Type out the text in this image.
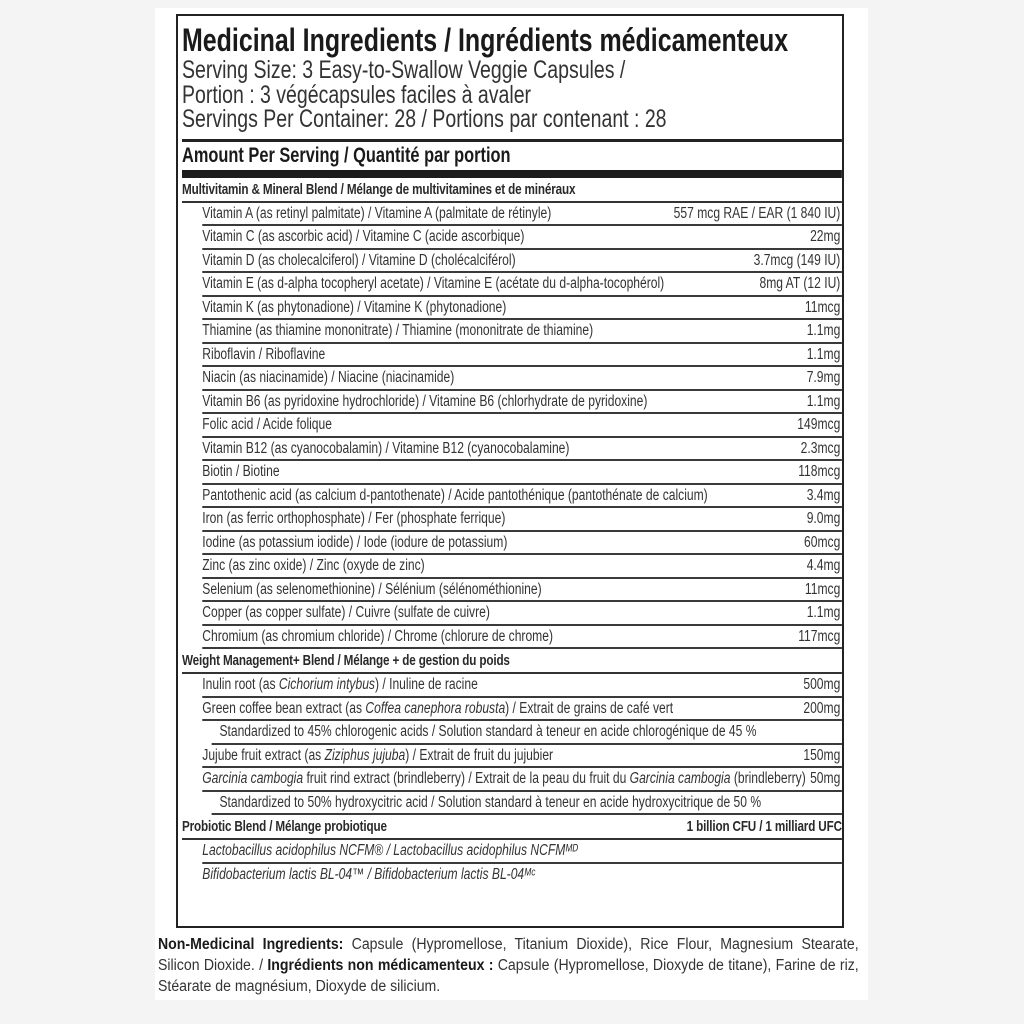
Medicinal Ingredients / Ingrédients médicamenteux
Serving Size: 3 Easy-to-Swallow Veggie Capsules /
Portion : 3 végécapsules faciles à avaler
Servings Per Container: 28 / Portions par contenant : 28
Amount Per Serving / Quantité par portion
Multivitamin & Mineral Blend / Mélange de multivitamines et de minéraux
Vitamin A (as retinyl palmitate) / Vitamine A (palmitate de rétinyle)	557 mcg RAE / EAR (1 840 IU)
Vitamin C (as ascorbic acid) / Vitamine C (acide ascorbique)	22mg
Vitamin D (as cholecalciferol) / Vitamine D (cholécalciférol)	3.7mcg (149 IU)
Vitamin E (as d-alpha tocopheryl acetate) / Vitamine E (acétate du d-alpha-tocophérol)	8mg AT (12 IU)
Vitamin K (as phytonadione) / Vitamine K (phytonadione)	11mcg
Thiamine (as thiamine mononitrate) / Thiamine (mononitrate de thiamine)	1.1mg
Riboflavin / Riboflavine	1.1mg
Niacin (as niacinamide) / Niacine (niacinamide)	7.9mg
Vitamin B6 (as pyridoxine hydrochloride) / Vitamine B6 (chlorhydrate de pyridoxine)	1.1mg
Folic acid / Acide folique	149mcg
Vitamin B12 (as cyanocobalamin) / Vitamine B12 (cyanocobalamine)	2.3mcg
Biotin / Biotine	118mcg
Pantothenic acid (as calcium d-pantothenate) / Acide pantothénique (pantothénate de calcium)	3.4mg
Iron (as ferric orthophosphate) / Fer (phosphate ferrique)	9.0mg
Iodine (as potassium iodide) / Iode (iodure de potassium)	60mcg
Zinc (as zinc oxide) / Zinc (oxyde de zinc)	4.4mg
Selenium (as selenomethionine) / Sélénium (sélénométhionine)	11mcg
Copper (as copper sulfate) / Cuivre (sulfate de cuivre)	1.1mg
Chromium (as chromium chloride) / Chrome (chlorure de chrome)	117mcg
Weight Management+ Blend / Mélange + de gestion du poids
Inulin root (as Cichorium intybus) / Inuline de racine	500mg
Green coffee bean extract (as Coffea canephora robusta) / Extrait de grains de café vert	200mg
Standardized to 45% chlorogenic acids / Solution standard à teneur en acide chlorogénique de 45 %
Jujube fruit extract (as Ziziphus jujuba) / Extrait de fruit du jujubier	150mg
Garcinia cambogia fruit rind extract (brindleberry) / Extrait de la peau du fruit du Garcinia cambogia (brindleberry) 50mg
Standardized to 50% hydroxycitric acid / Solution standard à teneur en acide hydroxycitrique de 50 %
Probiotic Blend / Mélange probiotique	1 billion CFU / 1 milliard UFC
Lactobacillus acidophilus NCFM® / Lactobacillus acidophilus NCFMᴹᴰ
Bifidobacterium lactis BL-04™ / Bifidobacterium lactis BL-04ᴹᶜ
Non-Medicinal Ingredients: Capsule (Hypromellose, Titanium Dioxide), Rice Flour, Magnesium Stearate, Silicon Dioxide. / Ingrédients non médicamenteux : Capsule (Hypromellose, Dioxyde de titane), Farine de riz, Stéarate de magnésium, Dioxyde de silicium.
